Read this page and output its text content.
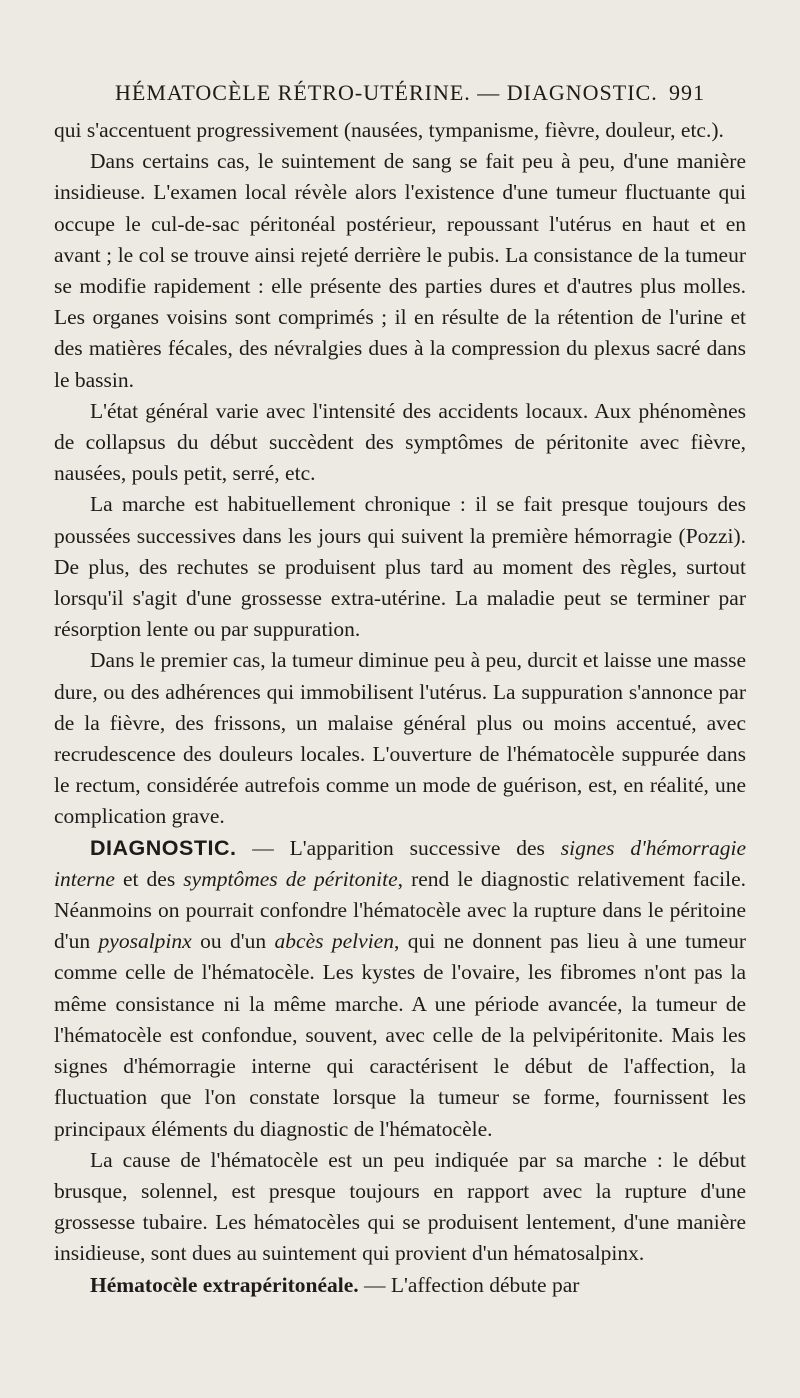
HÉMATOCÈLE RÉTRO-UTÉRINE. — DIAGNOSTIC. 991

qui s'accentuent progressivement (nausées, tympanisme, fièvre, douleur, etc.).

Dans certains cas, le suintement de sang se fait peu à peu, d'une manière insidieuse. L'examen local révèle alors l'existence d'une tumeur fluctuante qui occupe le cul-de-sac péritonéal postérieur, repoussant l'utérus en haut et en avant ; le col se trouve ainsi rejeté derrière le pubis. La consistance de la tumeur se modifie rapidement : elle présente des parties dures et d'autres plus molles. Les organes voisins sont comprimés ; il en résulte de la rétention de l'urine et des matières fécales, des névralgies dues à la compression du plexus sacré dans le bassin.

L'état général varie avec l'intensité des accidents locaux. Aux phénomènes de collapsus du début succèdent des symptômes de péritonite avec fièvre, nausées, pouls petit, serré, etc.

La marche est habituellement chronique : il se fait presque toujours des poussées successives dans les jours qui suivent la première hémorragie (Pozzi). De plus, des rechutes se produisent plus tard au moment des règles, surtout lorsqu'il s'agit d'une grossesse extra-utérine. La maladie peut se terminer par résorption lente ou par suppuration.

Dans le premier cas, la tumeur diminue peu à peu, durcit et laisse une masse dure, ou des adhérences qui immobilisent l'utérus. La suppuration s'annonce par de la fièvre, des frissons, un malaise général plus ou moins accentué, avec recrudescence des douleurs locales. L'ouverture de l'hématocèle suppurée dans le rectum, considérée autrefois comme un mode de guérison, est, en réalité, une complication grave.

DIAGNOSTIC. — L'apparition successive des signes d'hémorragie interne et des symptômes de péritonite, rend le diagnostic relativement facile. Néanmoins on pourrait confondre l'hématocèle avec la rupture dans le péritoine d'un pyosalpinx ou d'un abcès pelvien, qui ne donnent pas lieu à une tumeur comme celle de l'hématocèle. Les kystes de l'ovaire, les fibromes n'ont pas la même consistance ni la même marche. A une période avancée, la tumeur de l'hématocèle est confondue, souvent, avec celle de la pelvipéritonite. Mais les signes d'hémorragie interne qui caractérisent le début de l'affection, la fluctuation que l'on constate lorsque la tumeur se forme, fournissent les principaux éléments du diagnostic de l'hématocèle.

La cause de l'hématocèle est un peu indiquée par sa marche : le début brusque, solennel, est presque toujours en rapport avec la rupture d'une grossesse tubaire. Les hématocèles qui se produisent lentement, d'une manière insidieuse, sont dues au suintement qui provient d'un hématosalpinx.

Hématocèle extrapéritonéale. — L'affection débute par
